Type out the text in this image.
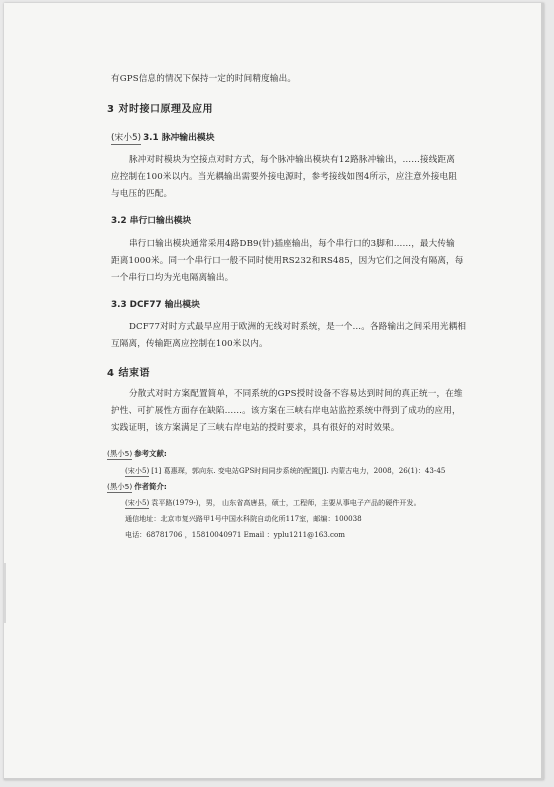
有GPS信息的情况下保持一定的时间精度输出。
3 对时接口原理及应用
(宋小5) 3.1 脉冲输出模块
脉冲对时模块为空接点对时方式，每个脉冲输出模块有12路脉冲输出，……接线距离
应控制在100米以内。当光耦输出需要外接电源时，参考接线如图4所示，应注意外接电阻
与电压的匹配。
3.2 串行口输出模块
串行口输出模块通常采用4路DB9(针)插座输出，每个串行口的3脚和……，最大传输
距离1000米。同一个串行口一般不同时使用RS232和RS485，因为它们之间没有隔离，每
一个串行口均为光电隔离输出。
3.3 DCF77 输出模块
DCF77对时方式最早应用于欧洲的无线对时系统，是一个…。各路输出之间采用光耦相
互隔离，传输距离应控制在100米以内。
4 结束语
分散式对时方案配置简单，不同系统的GPS授时设备不容易达到时间的真正统一，在维
护性、可扩展性方面存在缺陷……。该方案在三峡右岸电站监控系统中得到了成功的应用，
实践证明，该方案满足了三峡右岸电站的授时要求，具有很好的对时效果。
(黑小5) 参考文献:
(宋小5) [1] 葛惠琛，郭向东. 变电站GPS时间同步系统的配置[J]. 内蒙古电力，2008，26(1)：43-45
(黑小5) 作者简介:
(宋小5) 袁平路(1979-)，男， 山东省高唐县，硕士，工程师，主要从事电子产品的硬件开发。
通信地址：北京市复兴路甲1号中国水科院自动化所117室，邮编：100038
电话：68781706 ，15810040971 Email ：yplu1211@163.com
